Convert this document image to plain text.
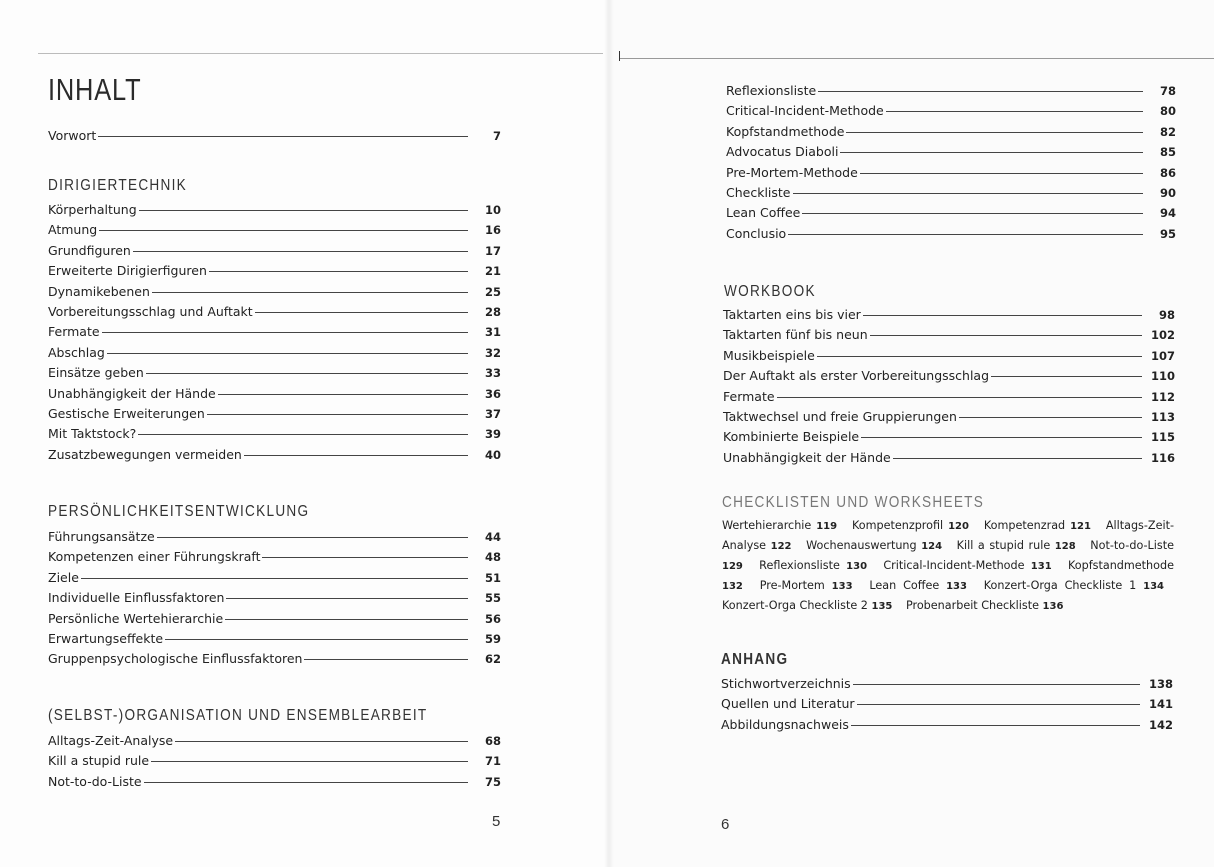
INHALT
Vorwort	7
DIRIGIERTECHNIK
Körperhaltung	10
Atmung	16
Grundfiguren	17
Erweiterte Dirigierfiguren	21
Dynamikebenen	25
Vorbereitungsschlag und Auftakt	28
Fermate	31
Abschlag	32
Einsätze geben	33
Unabhängigkeit der Hände	36
Gestische Erweiterungen	37
Mit Taktstock?	39
Zusatzbewegungen vermeiden	40
PERSÖNLICHKEITSENTWICKLUNG
Führungsansätze	44
Kompetenzen einer Führungskraft	48
Ziele	51
Individuelle Einflussfaktoren	55
Persönliche Wertehierarchie	56
Erwartungseffekte	59
Gruppenpsychologische Einflussfaktoren	62
(SELBST-)ORGANISATION UND ENSEMBLEARBEIT
Alltags-Zeit-Analyse	68
Kill a stupid rule	71
Not-to-do-Liste	75
5
Reflexionsliste	78
Critical-Incident-Methode	80
Kopfstandmethode	82
Advocatus Diaboli	85
Pre-Mortem-Methode	86
Checkliste	90
Lean Coffee	94
Conclusio	95
WORKBOOK
Taktarten eins bis vier	98
Taktarten fünf bis neun	102
Musikbeispiele	107
Der Auftakt als erster Vorbereitungsschlag	110
Fermate	112
Taktwechsel und freie Gruppierungen	113
Kombinierte Beispiele	115
Unabhängigkeit der Hände	116
CHECKLISTEN UND WORKSHEETS

Wertehierarchie 119 Kompetenzprofil 120 Kompetenzrad 121 Alltags-Zeit-Analyse 122 Wochenauswertung 124 Kill a stupid rule 128 Not-to-do-Liste 129 Reflexionsliste 130 Critical-Incident-Methode 131 Kopfstandmethode 132 Pre-Mortem 133 Lean Coffee 133 Konzert-Orga Checkliste 1 134 Konzert-Orga Checkliste 2 135 Probenarbeit Checkliste 136

ANHANG
Stichwortverzeichnis	138
Quellen und Literatur	141
Abbildungsnachweis	142
6
